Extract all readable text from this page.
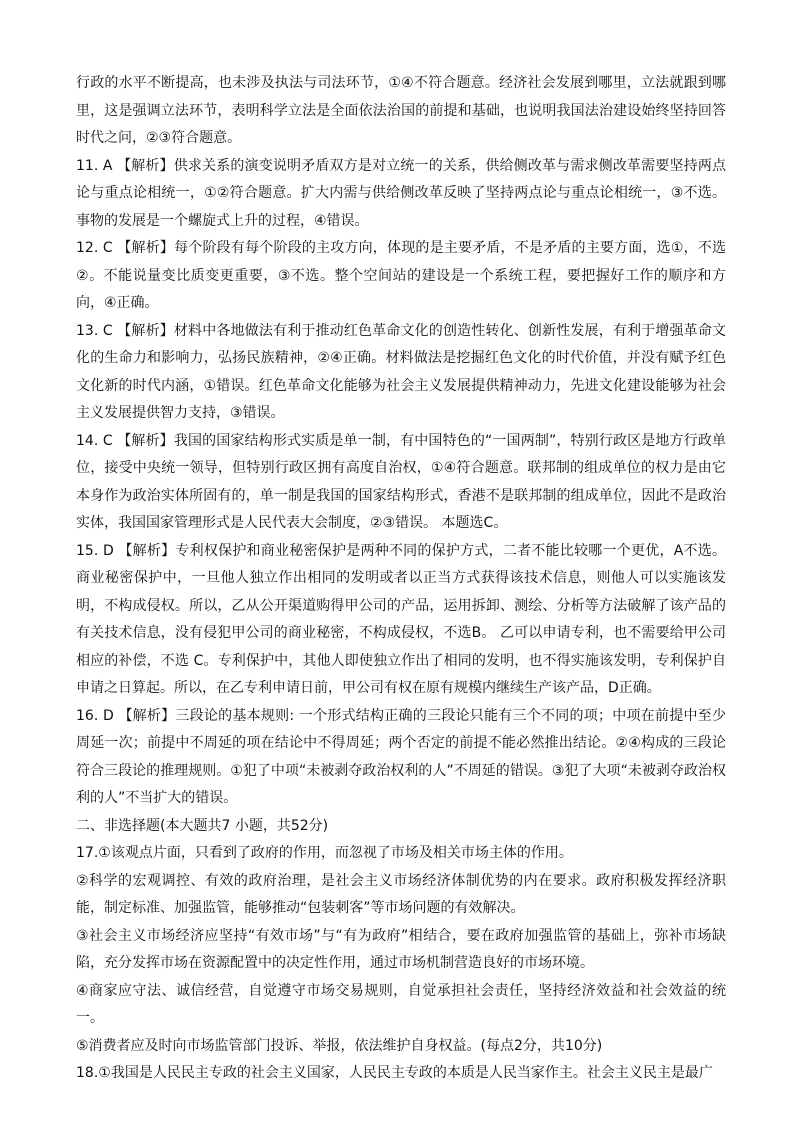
行政的水平不断提高，也未涉及执法与司法环节，①④不符合题意。经济社会发展到哪里，立法就跟到哪里，这是强调立法环节，表明科学立法是全面依法治国的前提和基础，也说明我国法治建设始终坚持回答时代之问，②③符合题意。

11. A 【解析】供求关系的演变说明矛盾双方是对立统一的关系，供给侧改革与需求侧改革需要坚持两点论与重点论相统一，①②符合题意。扩大内需与供给侧改革反映了坚持两点论与重点论相统一，③不选。事物的发展是一个螺旋式上升的过程，④错误。

12. C 【解析】每个阶段有每个阶段的主攻方向，体现的是主要矛盾，不是矛盾的主要方面，选①，不选②。不能说量变比质变更重要，③不选。整个空间站的建设是一个系统工程，要把握好工作的顺序和方向，④正确。

13. C 【解析】材料中各地做法有利于推动红色革命文化的创造性转化、创新性发展，有利于增强革命文化的生命力和影响力，弘扬民族精神，②④正确。材料做法是挖掘红色文化的时代价值，并没有赋予红色文化新的时代内涵，①错误。红色革命文化能够为社会主义发展提供精神动力，先进文化建设能够为社会主义发展提供智力支持，③错误。

14. C 【解析】我国的国家结构形式实质是单一制，有中国特色的“一国两制”，特别行政区是地方行政单位，接受中央统一领导，但特别行政区拥有高度自治权，①④符合题意。联邦制的组成单位的权力是由它本身作为政治实体所固有的，单一制是我国的国家结构形式，香港不是联邦制的组成单位，因此不是政治实体，我国国家管理形式是人民代表大会制度，②③错误。 本题选C。

15. D 【解析】专利权保护和商业秘密保护是两种不同的保护方式，二者不能比较哪一个更优，A不选。商业秘密保护中，一旦他人独立作出相同的发明或者以正当方式获得该技术信息，则他人可以实施该发明，不构成侵权。所以，乙从公开渠道购得甲公司的产品，运用拆卸、测绘、分析等方法破解了该产品的有关技术信息，没有侵犯甲公司的商业秘密，不构成侵权，不选B。 乙可以申请专利，也不需要给甲公司相应的补偿，不选 C。专利保护中，其他人即使独立作出了相同的发明，也不得实施该发明，专利保护自申请之日算起。所以，在乙专利申请日前，甲公司有权在原有规模内继续生产该产品，D正确。

16. D 【解析】三段论的基本规则: 一个形式结构正确的三段论只能有三个不同的项；中项在前提中至少周延一次；前提中不周延的项在结论中不得周延；两个否定的前提不能必然推出结论。②④构成的三段论符合三段论的推理规则。①犯了中项“未被剥夺政治权利的人”不周延的错误。③犯了大项“未被剥夺政治权利的人”不当扩大的错误。

二、非选择题(本大题共7 小题，共52分)

17.①该观点片面，只看到了政府的作用，而忽视了市场及相关市场主体的作用。

②科学的宏观调控、有效的政府治理，是社会主义市场经济体制优势的内在要求。政府积极发挥经济职能，制定标准、加强监管，能够推动“包装刺客”等市场问题的有效解决。

③社会主义市场经济应坚持“有效市场”与“有为政府”相结合，要在政府加强监管的基础上，弥补市场缺陷，充分发挥市场在资源配置中的决定性作用，通过市场机制营造良好的市场环境。

④商家应守法、诚信经营，自觉遵守市场交易规则，自觉承担社会责任，坚持经济效益和社会效益的统一。

⑤消费者应及时向市场监管部门投诉、举报，依法维护自身权益。(每点2分，共10分)

18.①我国是人民民主专政的社会主义国家，人民民主专政的本质是人民当家作主。社会主义民主是最广
